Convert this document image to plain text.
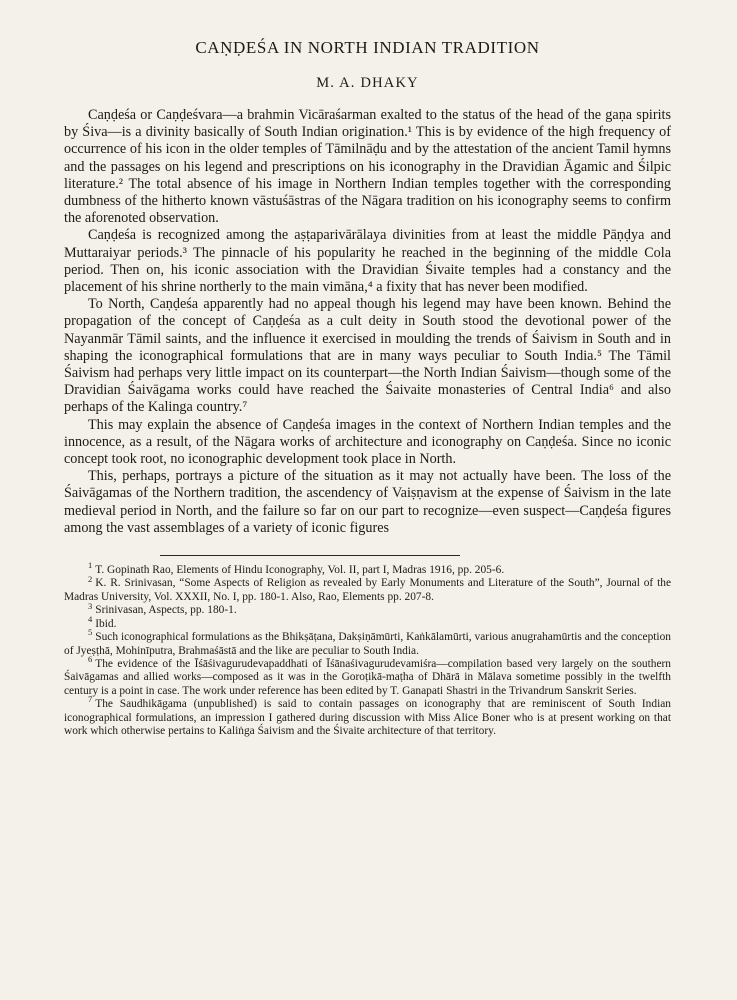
CAṆḌEŚA IN NORTH INDIAN TRADITION
M. A. DHAKY

Caṇḍeśa or Caṇḍeśvara—a brahmin Vicāraśarman exalted to the status of the head of the gaṇa spirits by Śiva—is a divinity basically of South Indian origination.¹ This is by evidence of the high frequency of occurrence of his icon in the older temples of Tāmilnāḍu and by the attestation of the ancient Tamil hymns and the passages on his legend and prescriptions on his iconography in the Dravidian Āgamic and Śilpic literature.² The total absence of his image in Northern Indian temples together with the corresponding dumbness of the hitherto known vāstuśāstras of the Nāgara tradition on his iconography seems to confirm the aforenoted observation.

Caṇḍeśa is recognized among the aṣṭaparivārālaya divinities from at least the middle Pāṇḍya and Muttaraiyar periods.³ The pinnacle of his popularity he reached in the beginning of the middle Cola period. Then on, his iconic association with the Dravidian Śivaite temples had a constancy and the placement of his shrine northerly to the main vimāna,⁴ a fixity that has never been modified.

To North, Caṇḍeśa apparently had no appeal though his legend may have been known. Behind the propagation of the concept of Caṇḍeśa as a cult deity in South stood the devotional power of the Nayanmār Tāmil saints, and the influence it exercised in moulding the trends of Śaivism in South and in shaping the iconographical formulations that are in many ways peculiar to South India.⁵ The Tāmil Śaivism had perhaps very little impact on its counterpart—the North Indian Śaivism—though some of the Dravidian Śaivāgama works could have reached the Śaivaite monasteries of Central India⁶ and also perhaps of the Kalinga country.⁷

This may explain the absence of Caṇḍeśa images in the context of Northern Indian temples and the innocence, as a result, of the Nāgara works of architecture and iconography on Caṇḍeśa. Since no iconic concept took root, no iconographic development took place in North.

This, perhaps, portrays a picture of the situation as it may not actually have been. The loss of the Śaivāgamas of the Northern tradition, the ascendency of Vaiṣṇavism at the expense of Śaivism in the late medieval period in North, and the failure so far on our part to recognize—even suspect—Caṇḍeśa figures among the vast assemblages of a variety of iconic figures

$^1$ T. Gopinath Rao, Elements of Hindu Iconography, Vol. II, part I, Madras 1916, pp. 205-6.

$^2$ K. R. Srinivasan, “Some Aspects of Religion as revealed by Early Monuments and Literature of the South”, Journal of the Madras University, Vol. XXXII, No. I, pp. 180-1. Also, Rao, Elements pp. 207-8.

$^3$ Srinivasan, Aspects, pp. 180-1.

$^4$ Ibid.

$^5$ Such iconographical formulations as the Bhikṣāṭana, Dakṣiṇāmūrti, Kaṅkālamūrti, various anugrahamūrtis and the conception of Jyeṣṭhā, Mohinīputra, Brahmaśāstā and the like are peculiar to South India.

$^6$ The evidence of the Īśāśivagurudevapaddhati of Īśānaśivagurudevamiśra—compilation based very largely on the southern Śaivāgamas and allied works—composed as it was in the Goroṭikā-maṭha of Dhārā in Mālava sometime possibly in the twelfth century is a point in case. The work under reference has been edited by T. Ganapati Shastri in the Trivandrum Sanskrit Series.

$^7$ The Saudhikāgama (unpublished) is said to contain passages on iconography that are reminiscent of South Indian iconographical formulations, an impression I gathered during discussion with Miss Alice Boner who is at present working on that work which otherwise pertains to Kaliṅga Śaivism and the Śivaite architecture of that territory.
